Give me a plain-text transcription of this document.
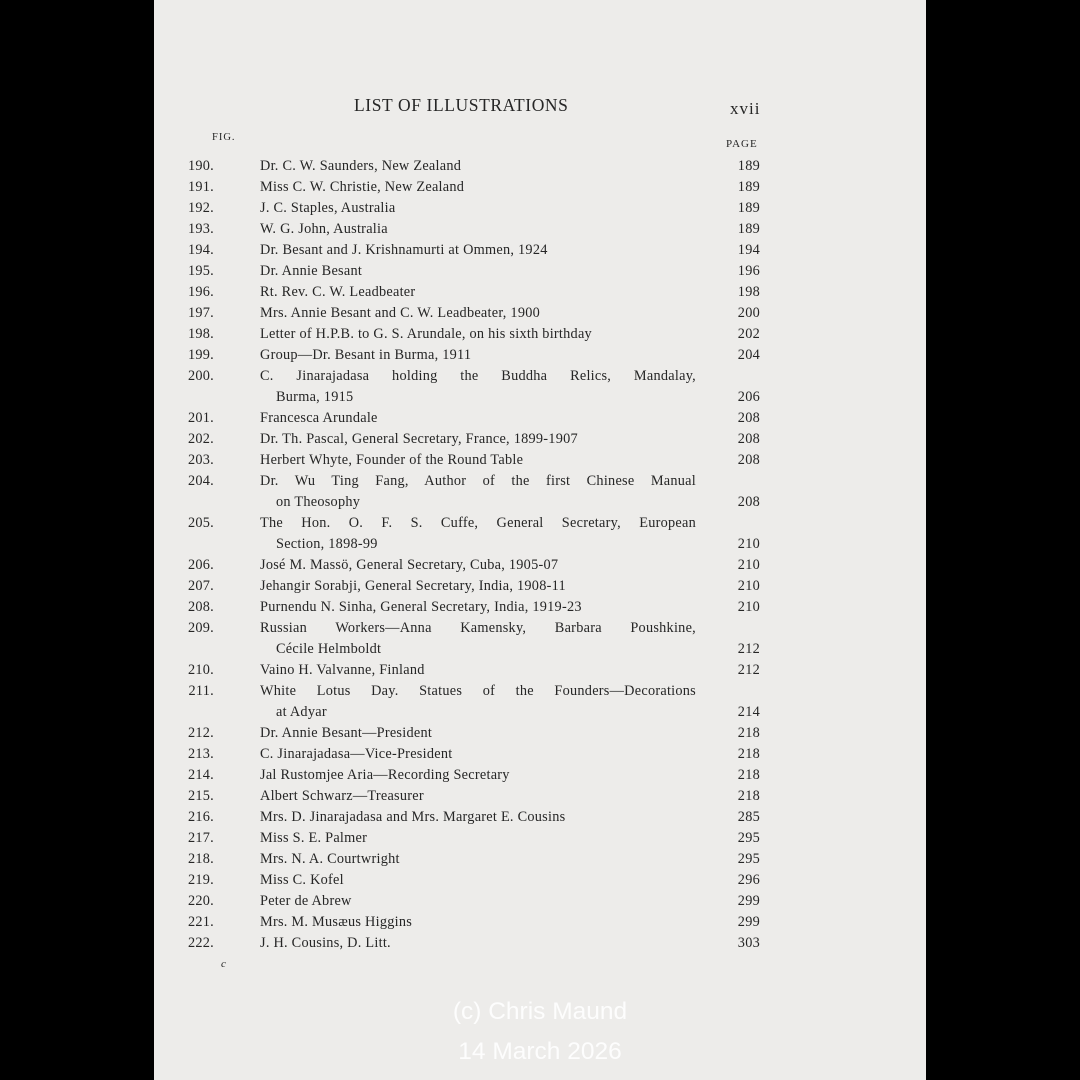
LIST OF ILLUSTRATIONS	xvii
FIG.
PAGE
190.	Dr. C. W. Saunders, New Zealand	189
191.	Miss C. W. Christie, New Zealand	189
192.	J. C. Staples, Australia	189
193.	W. G. John, Australia	189
194.	Dr. Besant and J. Krishnamurti at Ommen, 1924	194
195.	Dr. Annie Besant	196
196.	Rt. Rev. C. W. Leadbeater	198
197.	Mrs. Annie Besant and C. W. Leadbeater, 1900	200
198.	Letter of H.P.B. to G. S. Arundale, on his sixth birthday	202
199.	Group—Dr. Besant in Burma, 1911	204
200.	C. Jinarajadasa holding the Buddha Relics, Mandalay,
Burma, 1915	206
201.	Francesca Arundale	208
202.	Dr. Th. Pascal, General Secretary, France, 1899-1907	208
203.	Herbert Whyte, Founder of the Round Table	208
204.	Dr. Wu Ting Fang, Author of the first Chinese Manual
on Theosophy	208
205.	The Hon. O. F. S. Cuffe, General Secretary, European
Section, 1898-99	210
206.	José M. Massö, General Secretary, Cuba, 1905-07	210
207.	Jehangir Sorabji, General Secretary, India, 1908-11	210
208.	Purnendu N. Sinha, General Secretary, India, 1919-23	210
209.	Russian Workers—Anna Kamensky, Barbara Poushkine,
Cécile Helmboldt	212
210.	Vaino H. Valvanne, Finland	212
211.	White Lotus Day. Statues of the Founders—Decorations
at Adyar	214
212.	Dr. Annie Besant—President	218
213.	C. Jinarajadasa—Vice-President	218
214.	Jal Rustomjee Aria—Recording Secretary	218
215.	Albert Schwarz—Treasurer	218
216.	Mrs. D. Jinarajadasa and Mrs. Margaret E. Cousins	285
217.	Miss S. E. Palmer	295
218.	Mrs. N. A. Courtwright	295
219.	Miss C. Kofel	296
220.	Peter de Abrew	299
221.	Mrs. M. Musæus Higgins	299
222.	J. H. Cousins, D. Litt.	303
c
(c) Chris Maund
14 March 2026
